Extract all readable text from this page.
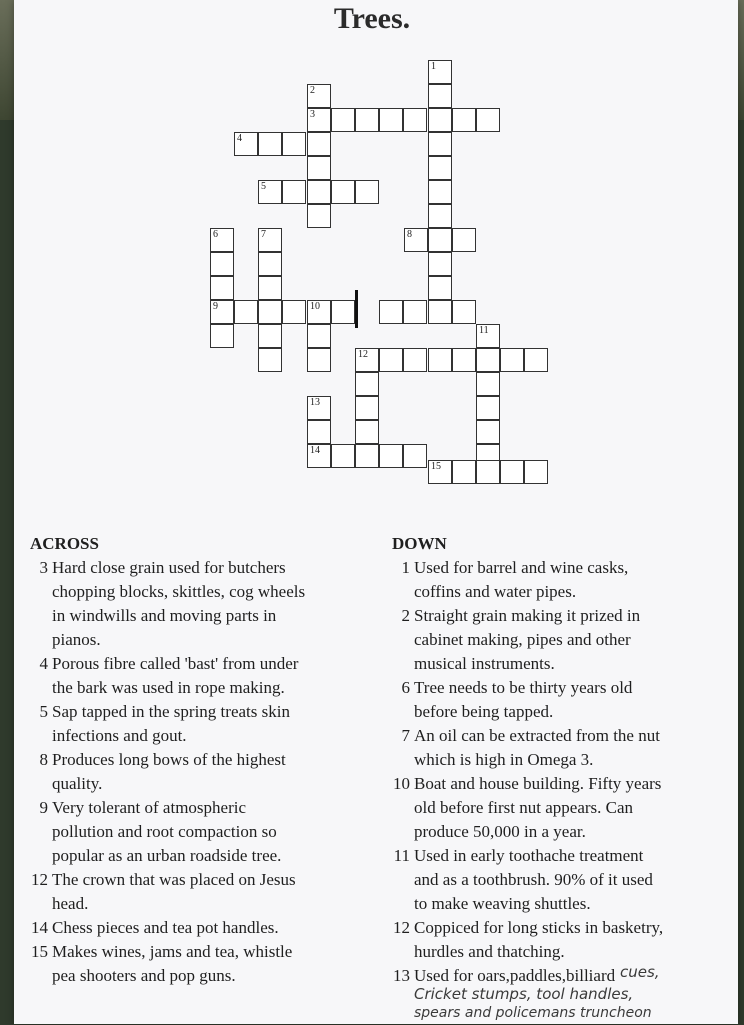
Trees.
1
2
3
4
5
6	7	8
10
11
12
13
14
15
9
ACROSS
3 Hard close grain used for butchers
chopping blocks, skittles, cog wheels
in windwills and moving parts in
pianos.
4 Porous fibre called 'bast' from under
the bark was used in rope making.
5 Sap tapped in the spring treats skin
infections and gout.
8 Produces long bows of the highest
quality.
9 Very tolerant of atmospheric
pollution and root compaction so
popular as an urban roadside tree.
12 The crown that was placed on Jesus
head.
14 Chess pieces and tea pot handles.
15 Makes wines, jams and tea, whistle
pea shooters and pop guns.
DOWN
1 Used for barrel and wine casks,
coffins and water pipes.
2 Straight grain making it prized in
cabinet making, pipes and other
musical instruments.
6 Tree needs to be thirty years old
before being tapped.
7 An oil can be extracted from the nut
which is high in Omega 3.
10 Boat and house building. Fifty years
old before first nut appears. Can
produce 50,000 in a year.
11 Used in early toothache treatment
and as a toothbrush. 90% of it used
to make weaving shuttles.
12 Coppiced for long sticks in basketry,
hurdles and thatching.
13 Used for oars,paddles,billiard cues,
Cricket stumps, tool handles,
spears and policemans truncheon
